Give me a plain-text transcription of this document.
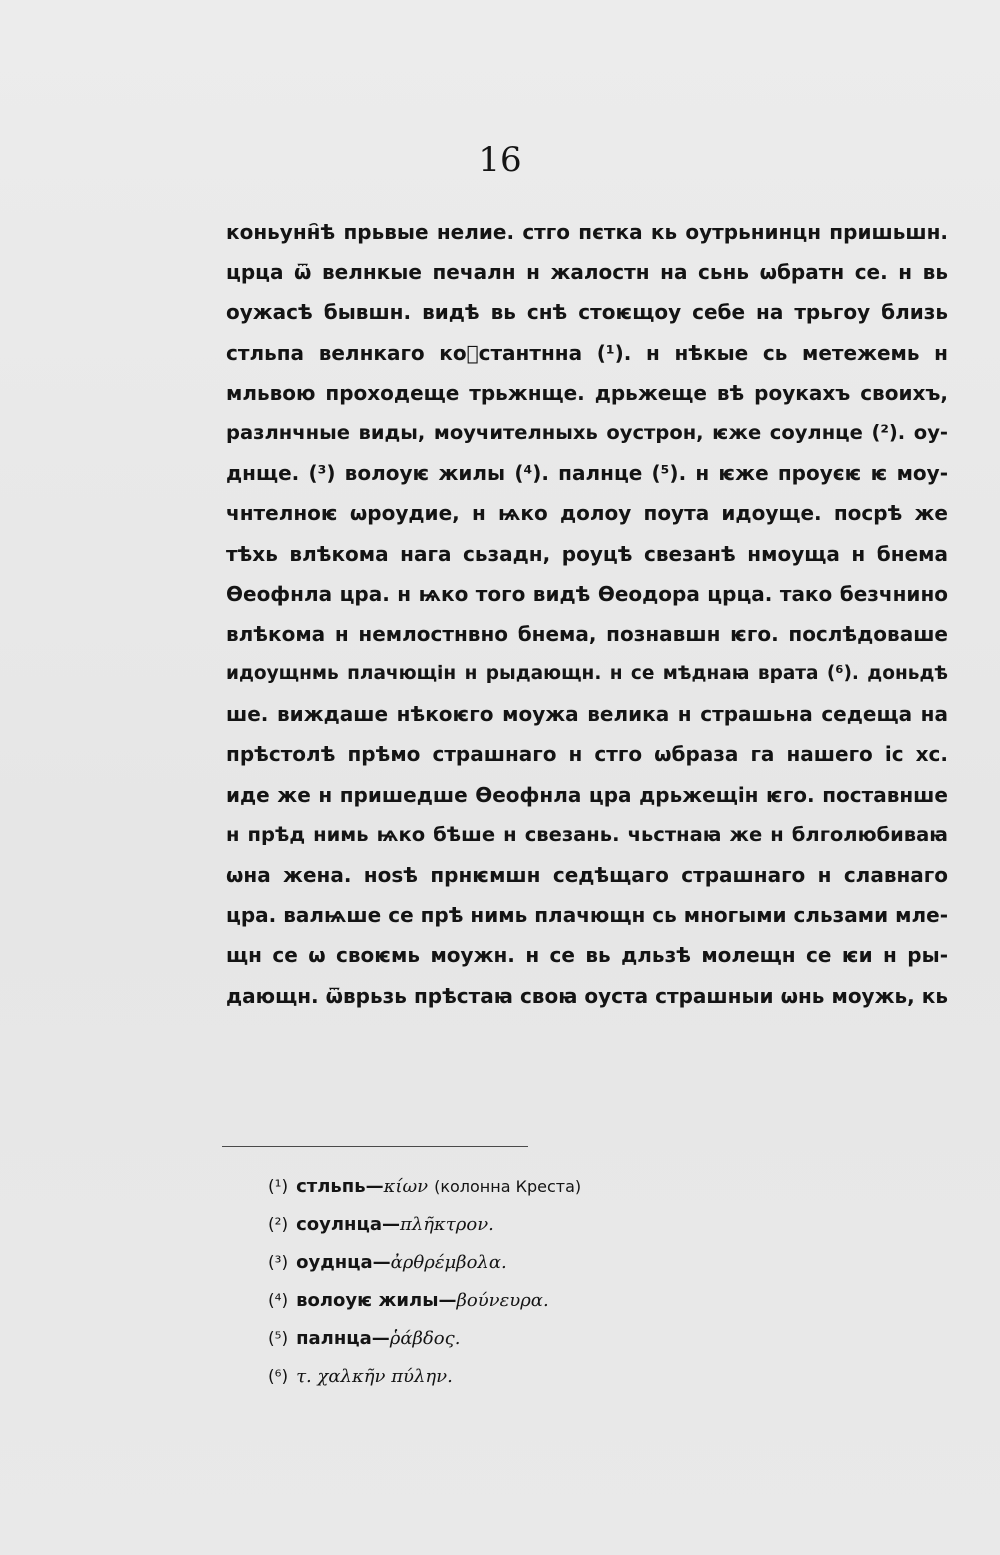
16
коньунн҄ѣ прьвые нелие. стго пєтка кь оутрьнинцн пришьшн.
црца ѿ велнкые печалн н жалостн на сьнь ѡбратн се. н вь
оужасѣ бывшн. видѣ вь снѣ стоѥщоу себе на трьгоу близь
стльпа велнкаго коⷩстантнна (¹). н нѣкые сь метежемь н
мльвою проходеще трьжнще. дрьжеще вѣ роукахъ своихъ,
разлнчные виды, моучителныхь оустрон, ѥже соулнце (²). оу-
днще. (³) волоуѥ жилы (⁴). палнце (⁵). н ѥже проуєѥ ѥ моу-
чнтелноѥ ѡроудие, н ѩко долоу поута идоуще. посрѣ же
тѣхь влѣкома нага сьзадн, роуцѣ свезанѣ нмоуща н бнема
Ѳеофнла цра. н ѩко того видѣ Ѳеодора црца. тако безчнино
влѣкома н немлостнвно бнема, познавшн ѥго. послѣдоваше
идоущнмь плачющін н рыдающн. н се мѣднаꙗ врата (⁶). доньдѣ
ше. виждаше нѣкоѥго моужа велика н страшьна седеща на
прѣстолѣ прѣмо страшнаго н стго ѡбраза га нашего іс хс.
иде же н пришедше Ѳеофнла цра дрьжещін ѥго. поставнше
н прѣд нимь ѩко бѣше н свезань. чьстнаꙗ же н блголюбиваꙗ
ѡна жена. ноѕѣ прнѥмшн седѣщаго страшнаго н славнаго
цра. валѩше се прѣ нимь плачющн сь многыми сльзами мле-
щн се ѡ своѥмь моужн. н се вь дльзѣ молещн се ѥи н ры-
дающн. ѿврьзь прѣстаꙗ своꙗ оуста страшныи ѡнь моужь, кь
(¹) стльпь—κίων (колонна Креста)
(²) соулнца—πλῆκτρον.
(³) оуднца—ἀρθρέμβολα.
(⁴) волоуѥ жилы—βούνευρα.
(⁵) палнца—ῥάβδος.
(⁶) τ. χαλκῆν πύλην.
